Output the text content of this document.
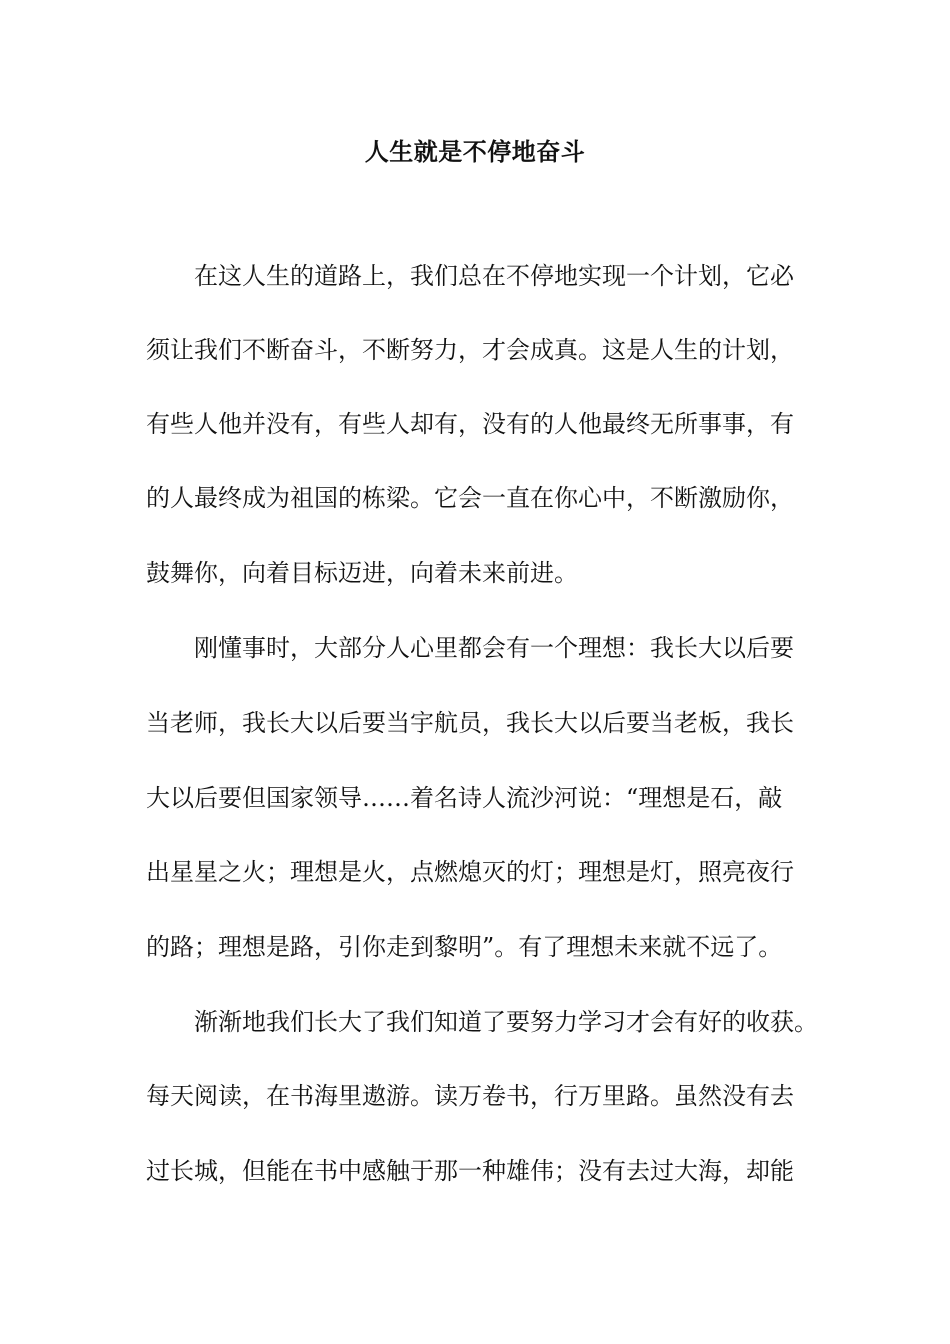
人生就是不停地奋斗
在这人生的道路上，我们总在不停地实现一个计划，它必
须让我们不断奋斗，不断努力，才会成真。这是人生的计划，
有些人他并没有，有些人却有，没有的人他最终无所事事，有
的人最终成为祖国的栋梁。它会一直在你心中，不断激励你，
鼓舞你，向着目标迈进，向着未来前进。
刚懂事时，大部分人心里都会有一个理想：我长大以后要
当老师，我长大以后要当宇航员，我长大以后要当老板，我长
大以后要但国家领导……着名诗人流沙河说：“理想是石，敲
出星星之火；理想是火，点燃熄灭的灯；理想是灯，照亮夜行
的路；理想是路，引你走到黎明”。有了理想未来就不远了。
渐渐地我们长大了我们知道了要努力学习才会有好的收获。
每天阅读，在书海里遨游。读万卷书，行万里路。虽然没有去
过长城，但能在书中感触于那一种雄伟；没有去过大海，却能
